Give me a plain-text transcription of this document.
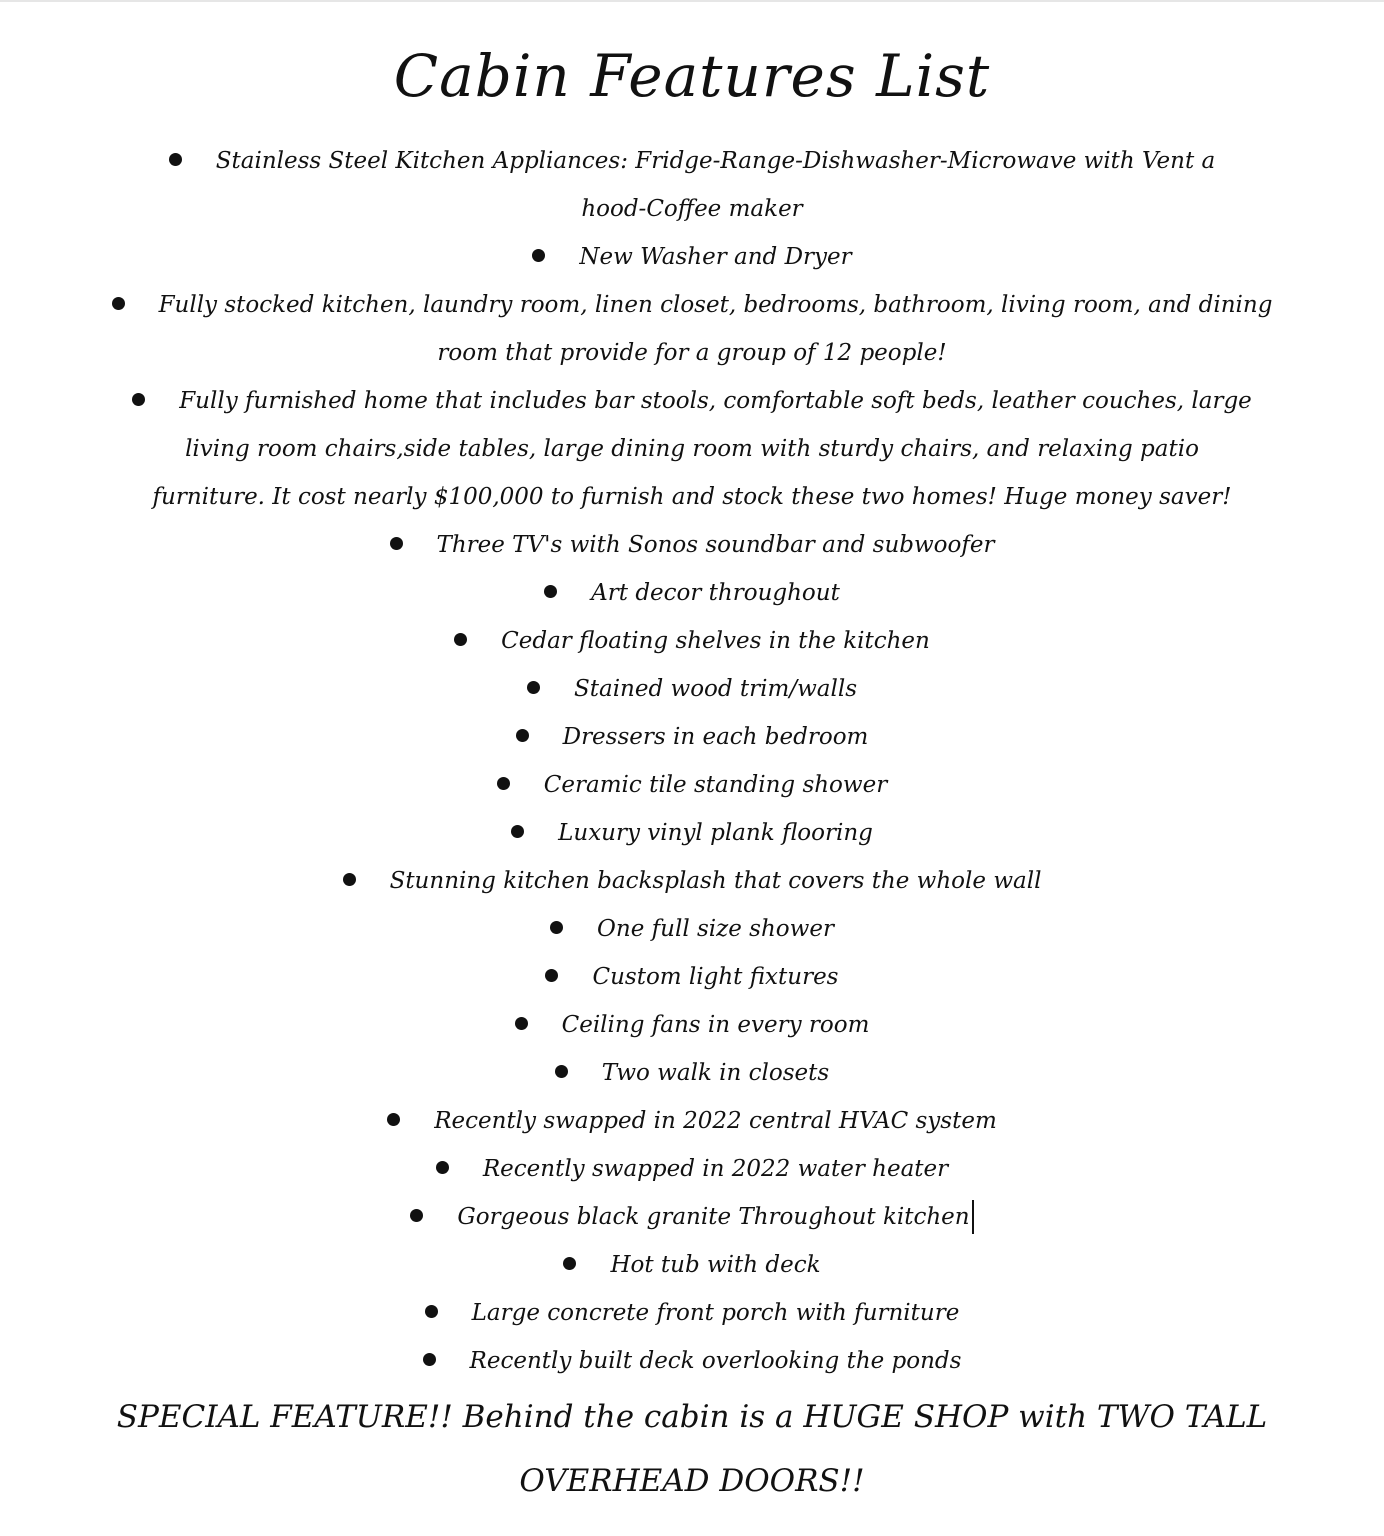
Cabin Features List
Stainless Steel Kitchen Appliances: Fridge-Range-Dishwasher-Microwave with Vent a
hood-Coffee maker
New Washer and Dryer
Fully stocked kitchen, laundry room, linen closet, bedrooms, bathroom, living room, and dining
room that provide for a group of 12 people!
Fully furnished home that includes bar stools, comfortable soft beds, leather couches, large
living room chairs,side tables, large dining room with sturdy chairs, and relaxing patio
furniture. It cost nearly $100,000 to furnish and stock these two homes! Huge money saver!
Three TV's with Sonos soundbar and subwoofer
Art decor throughout
Cedar floating shelves in the kitchen
Stained wood trim/walls
Dressers in each bedroom
Ceramic tile standing shower
Luxury vinyl plank flooring
Stunning kitchen backsplash that covers the whole wall
One full size shower
Custom light fixtures
Ceiling fans in every room
Two walk in closets
Recently swapped in 2022 central HVAC system
Recently swapped in 2022 water heater
Gorgeous black granite Throughout kitchen
Hot tub with deck
Large concrete front porch with furniture
Recently built deck overlooking the ponds
SPECIAL FEATURE!! Behind the cabin is a HUGE SHOP with TWO TALL
OVERHEAD DOORS!!
